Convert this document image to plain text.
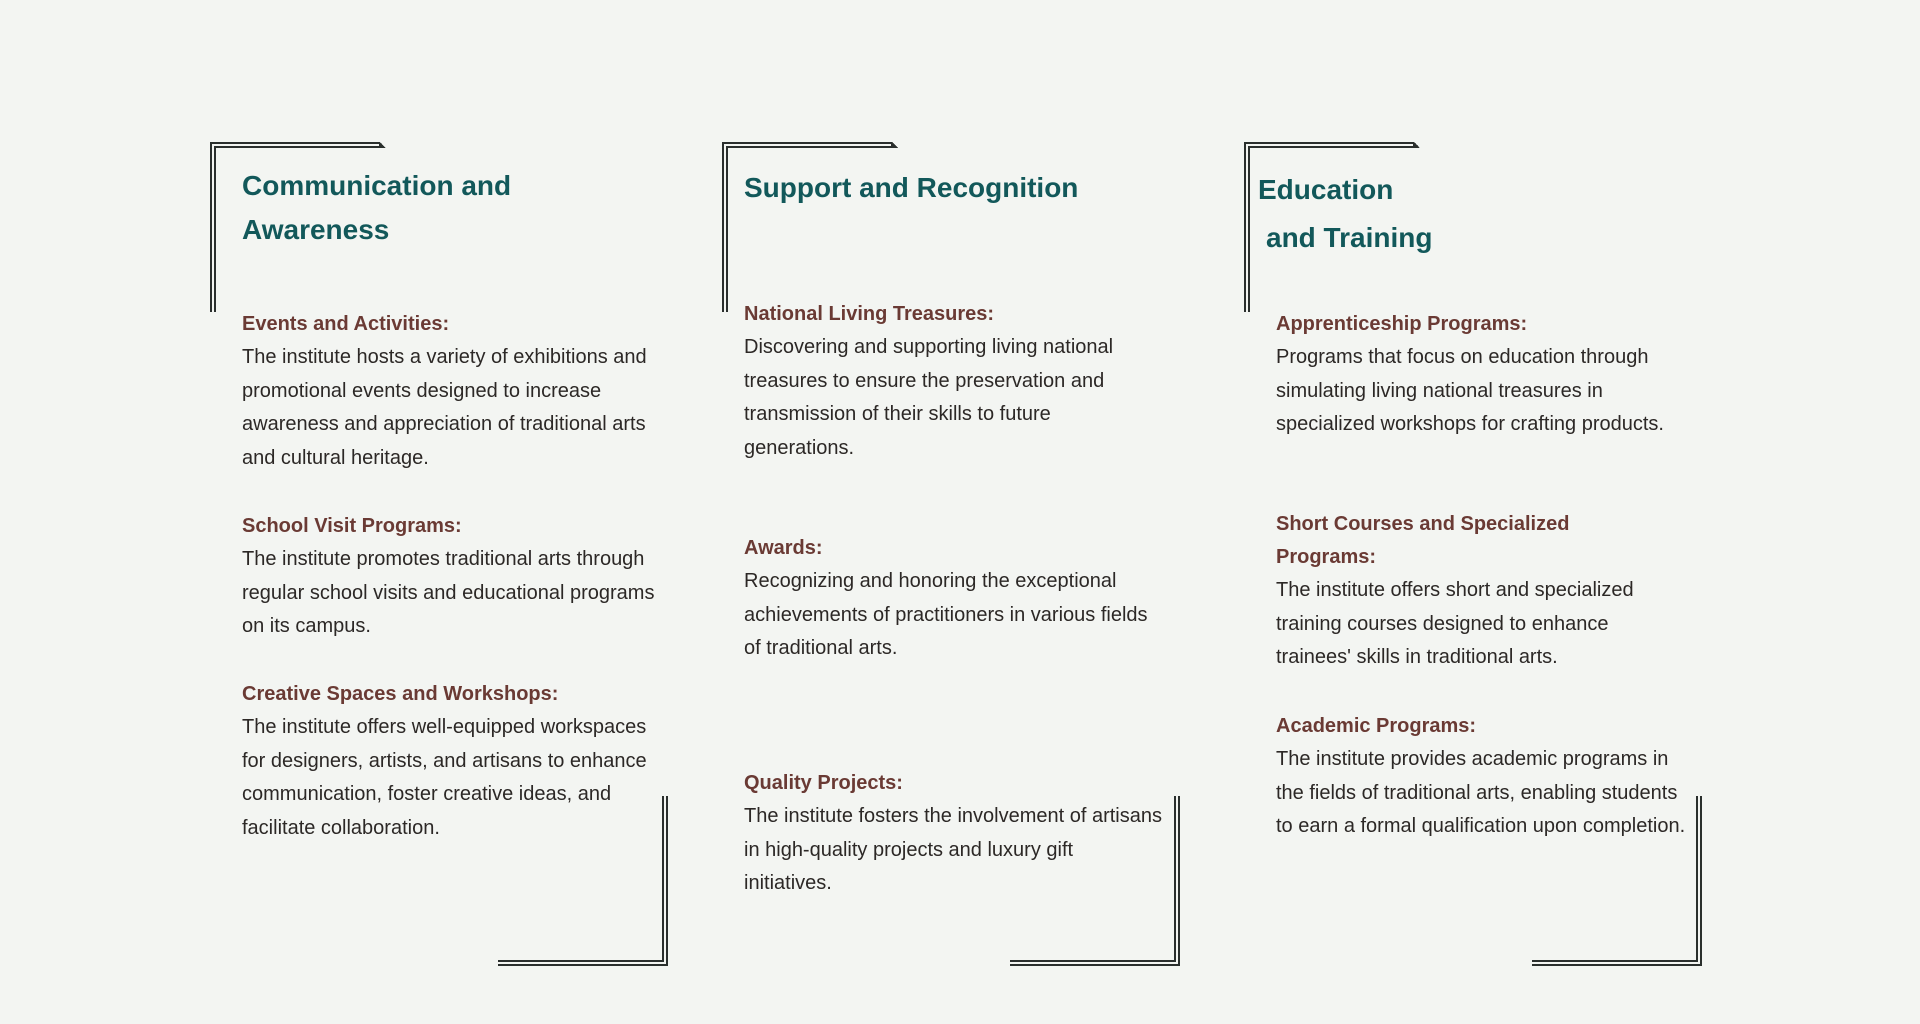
Communication and
Awareness

Events and Activities:

The institute hosts a variety of exhibitions and promotional events designed to increase awareness and appreciation of traditional arts and cultural heritage.

School Visit Programs:

The institute promotes traditional arts through regular school visits and educational programs on its campus.

Creative Spaces and Workshops:

The institute offers well-equipped workspaces for designers, artists, and artisans to enhance communication, foster creative ideas, and facilitate collaboration.

Support and Recognition

National Living Treasures:

Discovering and supporting living national treasures to ensure the preservation and transmission of their skills to future generations.

Awards:

Recognizing and honoring the exceptional achievements of practitioners in various fields of traditional arts.

Quality Projects:

The institute fosters the involvement of artisans in high-quality projects and luxury gift initiatives.

Education
and Training

Apprenticeship Programs:

Programs that focus on education through simulating living national treasures in specialized workshops for crafting products.

Short Courses and Specialized Programs:

The institute offers short and specialized training courses designed to enhance trainees' skills in traditional arts.

Academic Programs:

The institute provides academic programs in the fields of traditional arts, enabling students to earn a formal qualification upon completion.
